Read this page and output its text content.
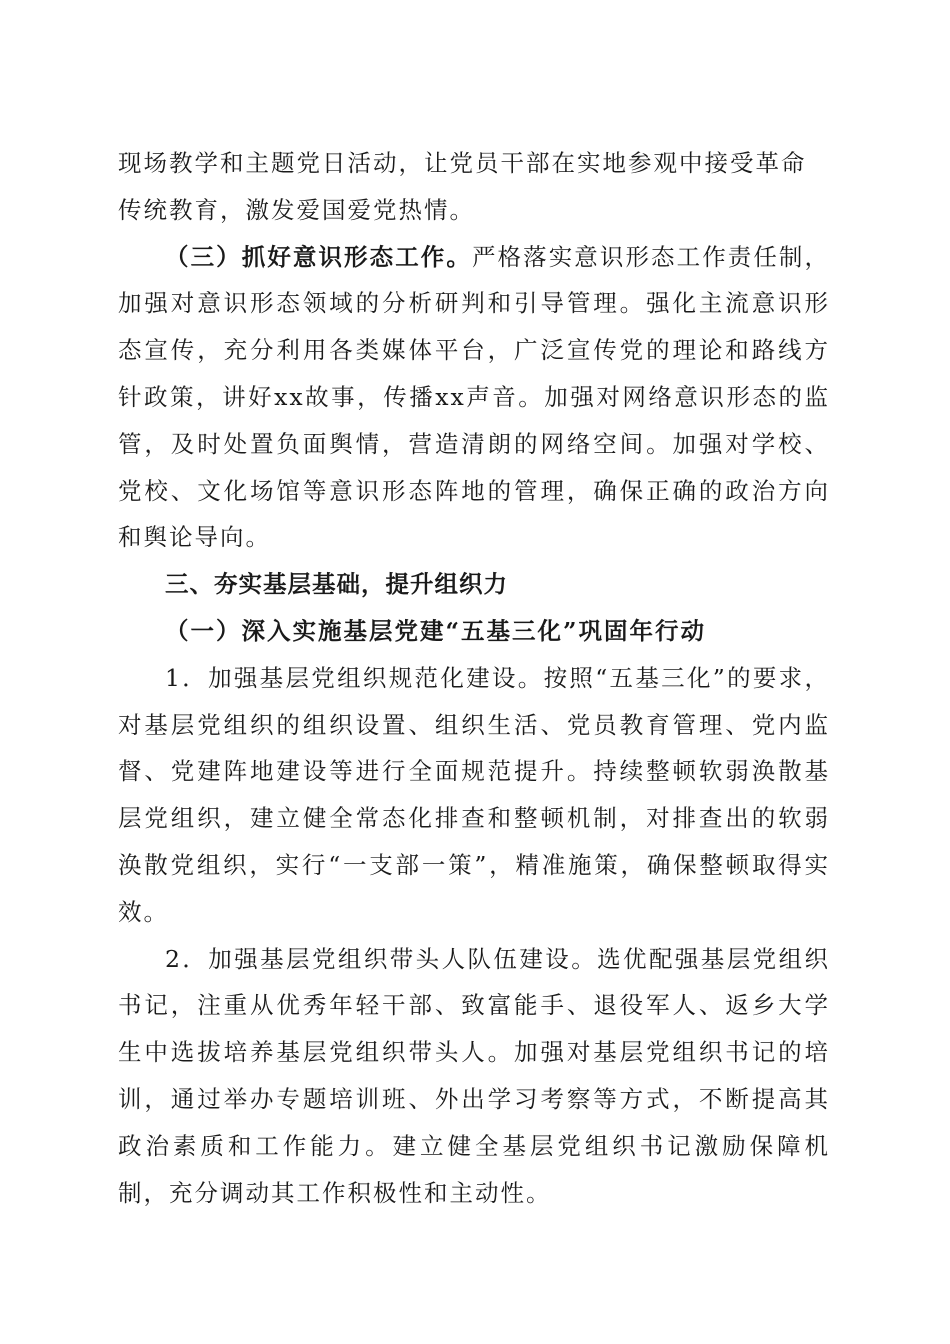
现场教学和主题党日活动，让党员干部在实地参观中接受革命
传统教育，激发爱国爱党热情。

（三）抓好意识形态工作。严格落实意识形态工作责任制，加强对意识形态领域的分析研判和引导管理。强化主流意识形态宣传，充分利用各类媒体平台，广泛宣传党的理论和路线方针政策，讲好xx故事，传播xx声音。加强对网络意识形态的监管，及时处置负面舆情，营造清朗的网络空间。加强对学校、党校、文化场馆等意识形态阵地的管理，确保正确的政治方向和舆论导向。

三、夯实基层基础，提升组织力

（一）深入实施基层党建“五基三化”巩固年行动

1．加强基层党组织规范化建设。按照“五基三化”的要求，对基层党组织的组织设置、组织生活、党员教育管理、党内监督、党建阵地建设等进行全面规范提升。持续整顿软弱涣散基层党组织，建立健全常态化排查和整顿机制，对排查出的软弱涣散党组织，实行“一支部一策”，精准施策，确保整顿取得实效。

2．加强基层党组织带头人队伍建设。选优配强基层党组织书记，注重从优秀年轻干部、致富能手、退役军人、返乡大学生中选拔培养基层党组织带头人。加强对基层党组织书记的培训，通过举办专题培训班、外出学习考察等方式，不断提高其政治素质和工作能力。建立健全基层党组织书记激励保障机制，充分调动其工作积极性和主动性。
